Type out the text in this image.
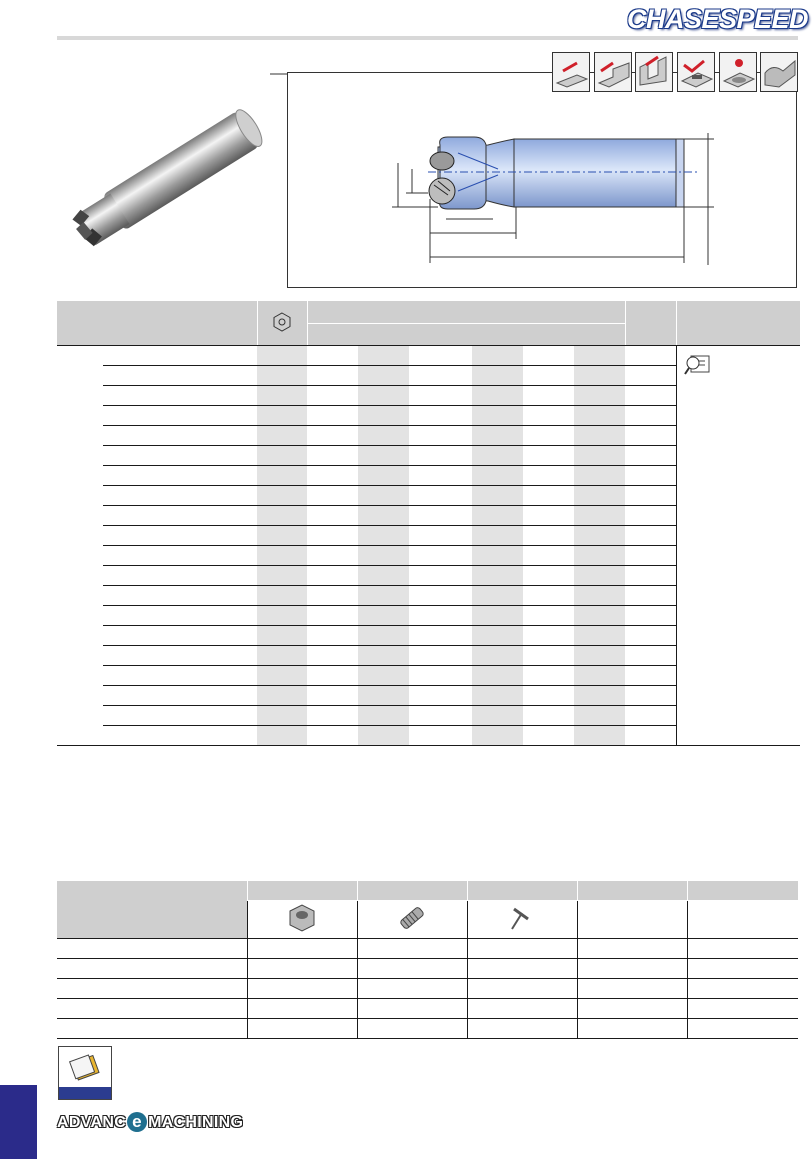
CHASESPEED

ADVANC e MACHINING
